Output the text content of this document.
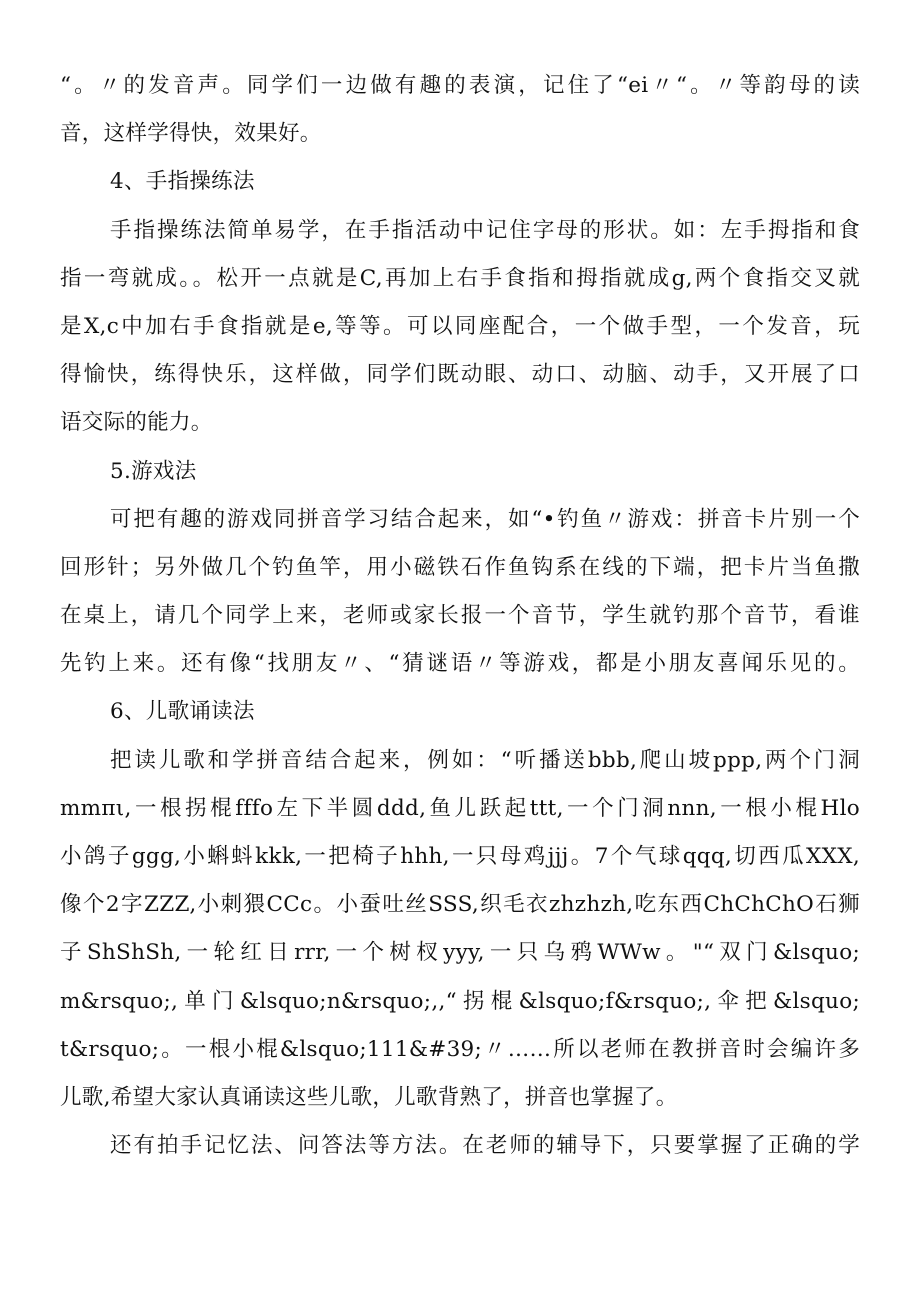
“。〃的发音声。同学们一边做有趣的表演，记住了“ei〃“。〃等韵母的读
音，这样学得快，效果好。
4、手指操练法
手指操练法简单易学，在手指活动中记住字母的形状。如：左手拇指和食
指一弯就成。。松开一点就是C,再加上右手食指和拇指就成g,两个食指交叉就
是X,c中加右手食指就是e,等等。可以同座配合，一个做手型，一个发音，玩
得愉快，练得快乐，这样做，同学们既动眼、动口、动脑、动手，又开展了口
语交际的能力。
5.游戏法
可把有趣的游戏同拼音学习结合起来，如“•钓鱼〃游戏：拼音卡片别一个
回形针；另外做几个钓鱼竿，用小磁铁石作鱼钩系在线的下端，把卡片当鱼撒
在桌上，请几个同学上来，老师或家长报一个音节，学生就钓那个音节，看谁
先钓上来。还有像“找朋友〃、“猜谜语〃等游戏，都是小朋友喜闻乐见的。
6、儿歌诵读法
把读儿歌和学拼音结合起来，例如：“听播送bbb,爬山坡ppp,两个门洞
mmπι,一根拐棍fffo左下半圆ddd,鱼儿跃起ttt,一个门洞nnn,一根小棍Hlo
小鸽子ggg,小蝌蚪kkk,一把椅子hhh,一只母鸡jjj。7个气球qqq,切西瓜XXX,
像个2字ZZZ,小刺猥CCc。小蚕吐丝SSS,织毛衣zhzhzh,吃东西ChChChO石狮
子ShShSh,一轮红日rrr,一个树杈yyy,一只乌鸦WWw。"“双门&lsquo;
m&rsquo;,单门&lsquo;n&rsquo;,,“拐棍&lsquo;f&rsquo;,伞把&lsquo;
t&rsquo;。一根小棍&lsquo;111&#39;〃……所以老师在教拼音时会编许多
儿歌,希望大家认真诵读这些儿歌，儿歌背熟了，拼音也掌握了。
还有拍手记忆法、问答法等方法。在老师的辅导下，只要掌握了正确的学
